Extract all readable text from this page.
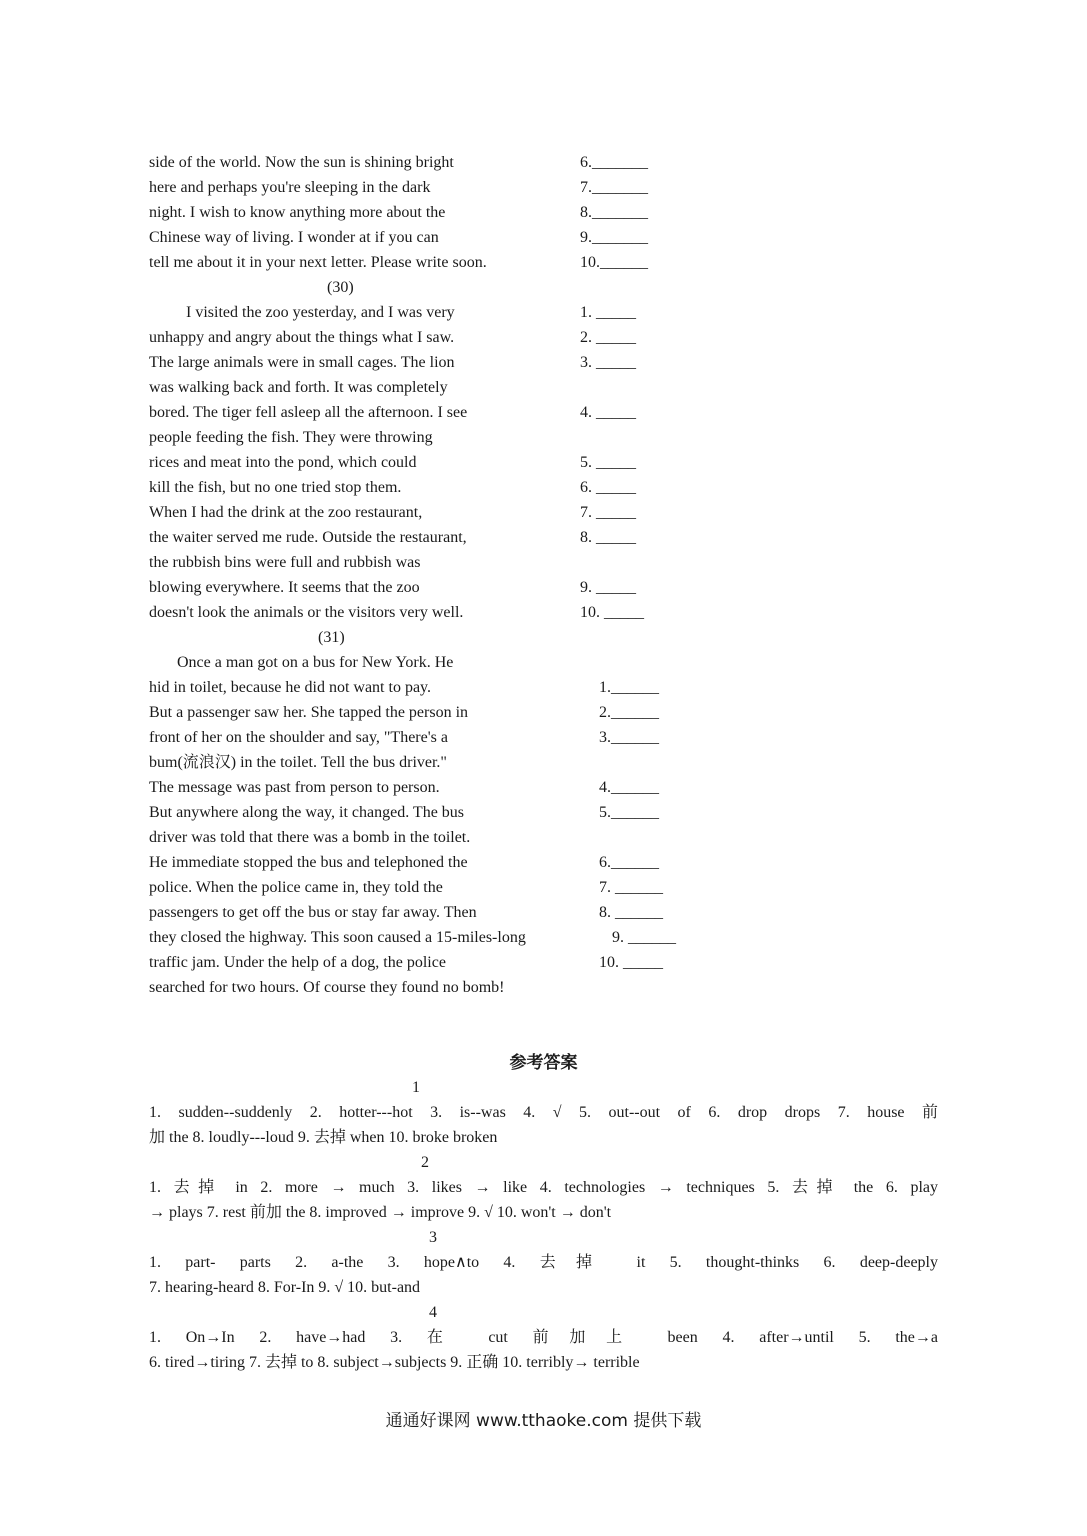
side of the world. Now the sun is shining bright	6._______
here and perhaps you're sleeping in the dark	7._______
night. I wish to know anything more about the	8._______
Chinese way of living. I wonder at if you can	9._______
tell me about it in your next letter. Please write soon.	10.______
(30)
I visited the zoo yesterday, and I was very	1. _____
unhappy and angry about the things what I saw.	2. _____
The large animals were in small cages. The lion	3. _____
was walking back and forth. It was completely
bored. The tiger fell asleep all the afternoon. I see	4. _____
people feeding the fish. They were throwing
rices and meat into the pond, which could	5. _____
kill the fish, but no one tried stop them.	6. _____
When I had the drink at the zoo restaurant,	7. _____
the waiter served me rude. Outside the restaurant,	8. _____
the rubbish bins were full and rubbish was
blowing everywhere. It seems that the zoo	9. _____
doesn't look the animals or the visitors very well.	10. _____
(31)
Once a man got on a bus for New York. He
hid in toilet, because he did not want to pay.	1.______
But a passenger saw her. She tapped the person in	2.______
front of her on the shoulder and say, "There's a	3.______
bum(流浪汉) in the toilet. Tell the bus driver."
The message was past from person to person.	4.______
But anywhere along the way, it changed. The bus	5.______
driver was told that there was a bomb in the toilet.
He immediate stopped the bus and telephoned the	6.______
police. When the police came in, they told the	7. ______
passengers to get off the bus or stay far away. Then	8. ______
they closed the highway. This soon caused a 15-miles-long	9. ______
traffic jam. Under the help of a dog, the police	10. _____
searched for two hours. Of course they found no bomb!
参考答案
1
1. sudden--suddenly 2. hotter---hot 3. is--was 4. √ 5. out--out of 6. drop drops 7. house 前
加 the 8. loudly---loud 9. 去掉 when 10. broke broken
2
1. 去掉 in 2. more → much 3. likes → like 4. technologies → techniques 5. 去掉 the 6. play
→ plays 7. rest 前加 the 8. improved → improve 9. √ 10. won't → don't
3
1. part- parts 2. a-the 3. hope∧to 4. 去掉 it 5. thought-thinks 6. deep-deeply
7. hearing-heard 8. For-In 9. √ 10. but-and
4
1. On→In 2. have→had 3. 在 cut 前加上 been 4. after→until 5. the→a
6. tired→tiring 7. 去掉 to 8. subject→subjects 9. 正确 10. terribly→ terrible
通通好课网 www.tthaoke.com 提供下载
